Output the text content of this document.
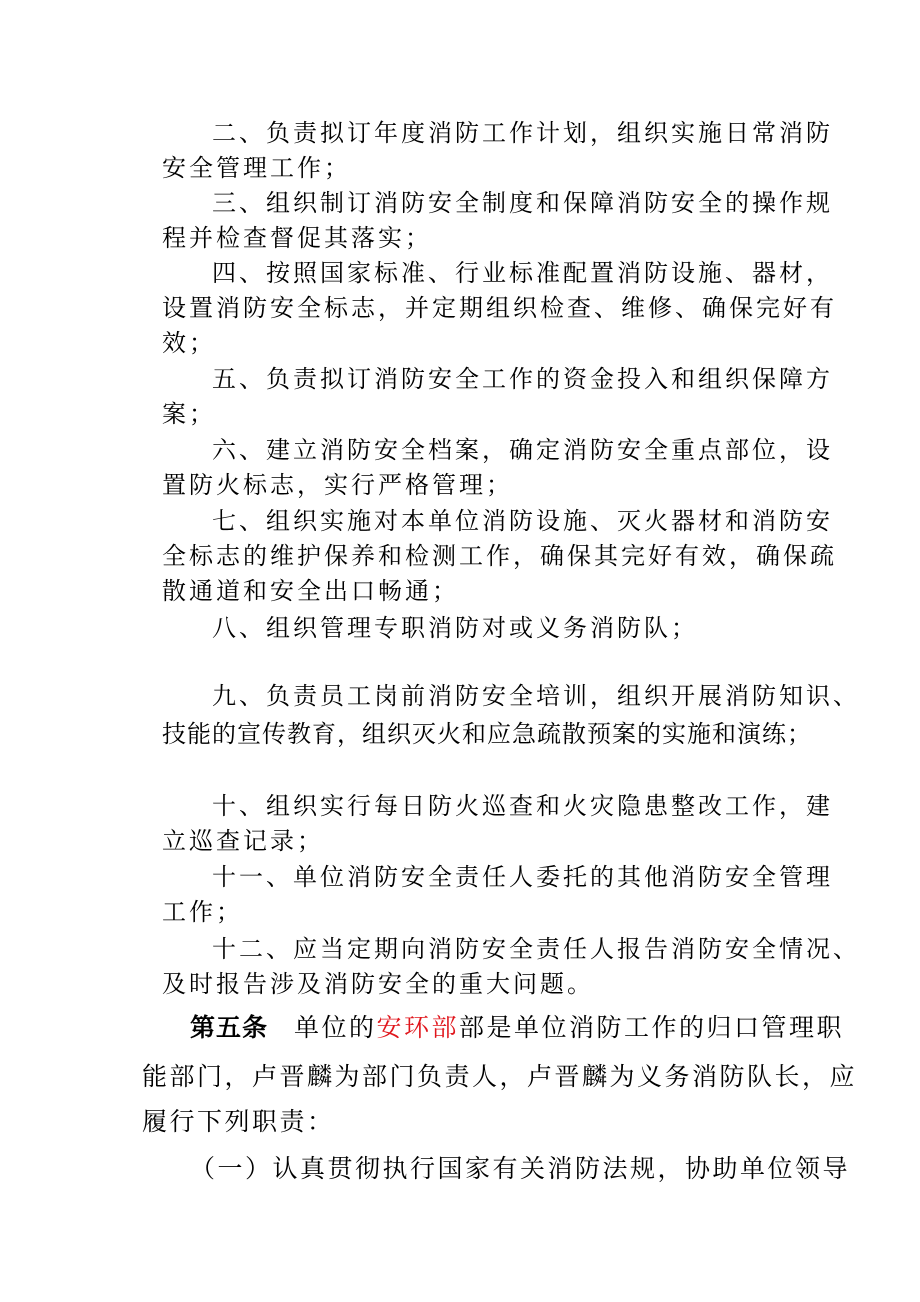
二、负责拟订年度消防工作计划，组织实施日常消防
安全管理工作；
三、组织制订消防安全制度和保障消防安全的操作规
程并检查督促其落实；
四、按照国家标准、行业标准配置消防设施、器材，
设置消防安全标志，并定期组织检查、维修、确保完好有
效；
五、负责拟订消防安全工作的资金投入和组织保障方
案；
六、建立消防安全档案，确定消防安全重点部位，设
置防火标志，实行严格管理；
七、组织实施对本单位消防设施、灭火器材和消防安
全标志的维护保养和检测工作，确保其完好有效，确保疏
散通道和安全出口畅通；
八、组织管理专职消防对或义务消防队；
九、负责员工岗前消防安全培训，组织开展消防知识、
技能的宣传教育，组织灭火和应急疏散预案的实施和演练；
十、组织实行每日防火巡查和火灾隐患整改工作，建
立巡查记录；
十一、单位消防安全责任人委托的其他消防安全管理
工作；
十二、应当定期向消防安全责任人报告消防安全情况、
及时报告涉及消防安全的重大问题。
第五条 单位的安环部部是单位消防工作的归口管理职
能部门，卢晋麟为部门负责人，卢晋麟为义务消防队长，应
履行下列职责：
（一）认真贯彻执行国家有关消防法规，协助单位领导
